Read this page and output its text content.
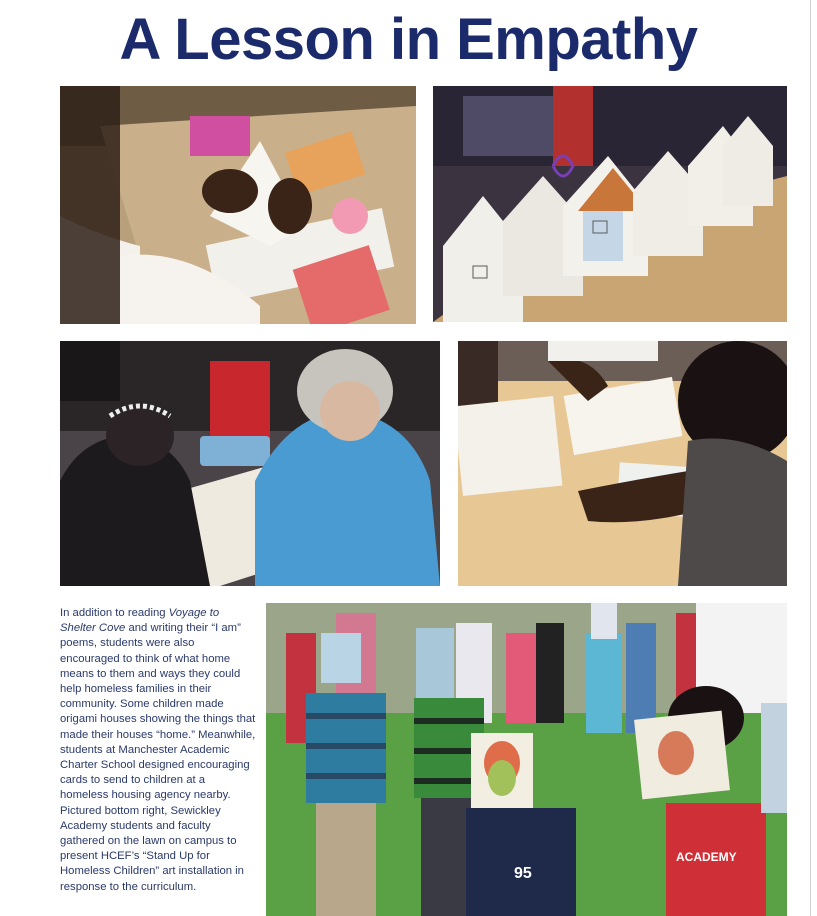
A Lesson in Empathy
In addition to reading Voyage to Shelter Cove and writing their “I am” poems, students were also encouraged to think of what home means to them and ways they could help homeless families in their community. Some children made origami houses showing the things that made their houses “home.” Meanwhile, students at Manchester Academic Charter School designed encouraging cards to send to children at a homeless housing agency nearby. Pictured bottom right, Sewickley Academy students and faculty gathered on the lawn on campus to present HCEF’s “Stand Up for Homeless Children” art installation in response to the curriculum.
95
ACADEMY
